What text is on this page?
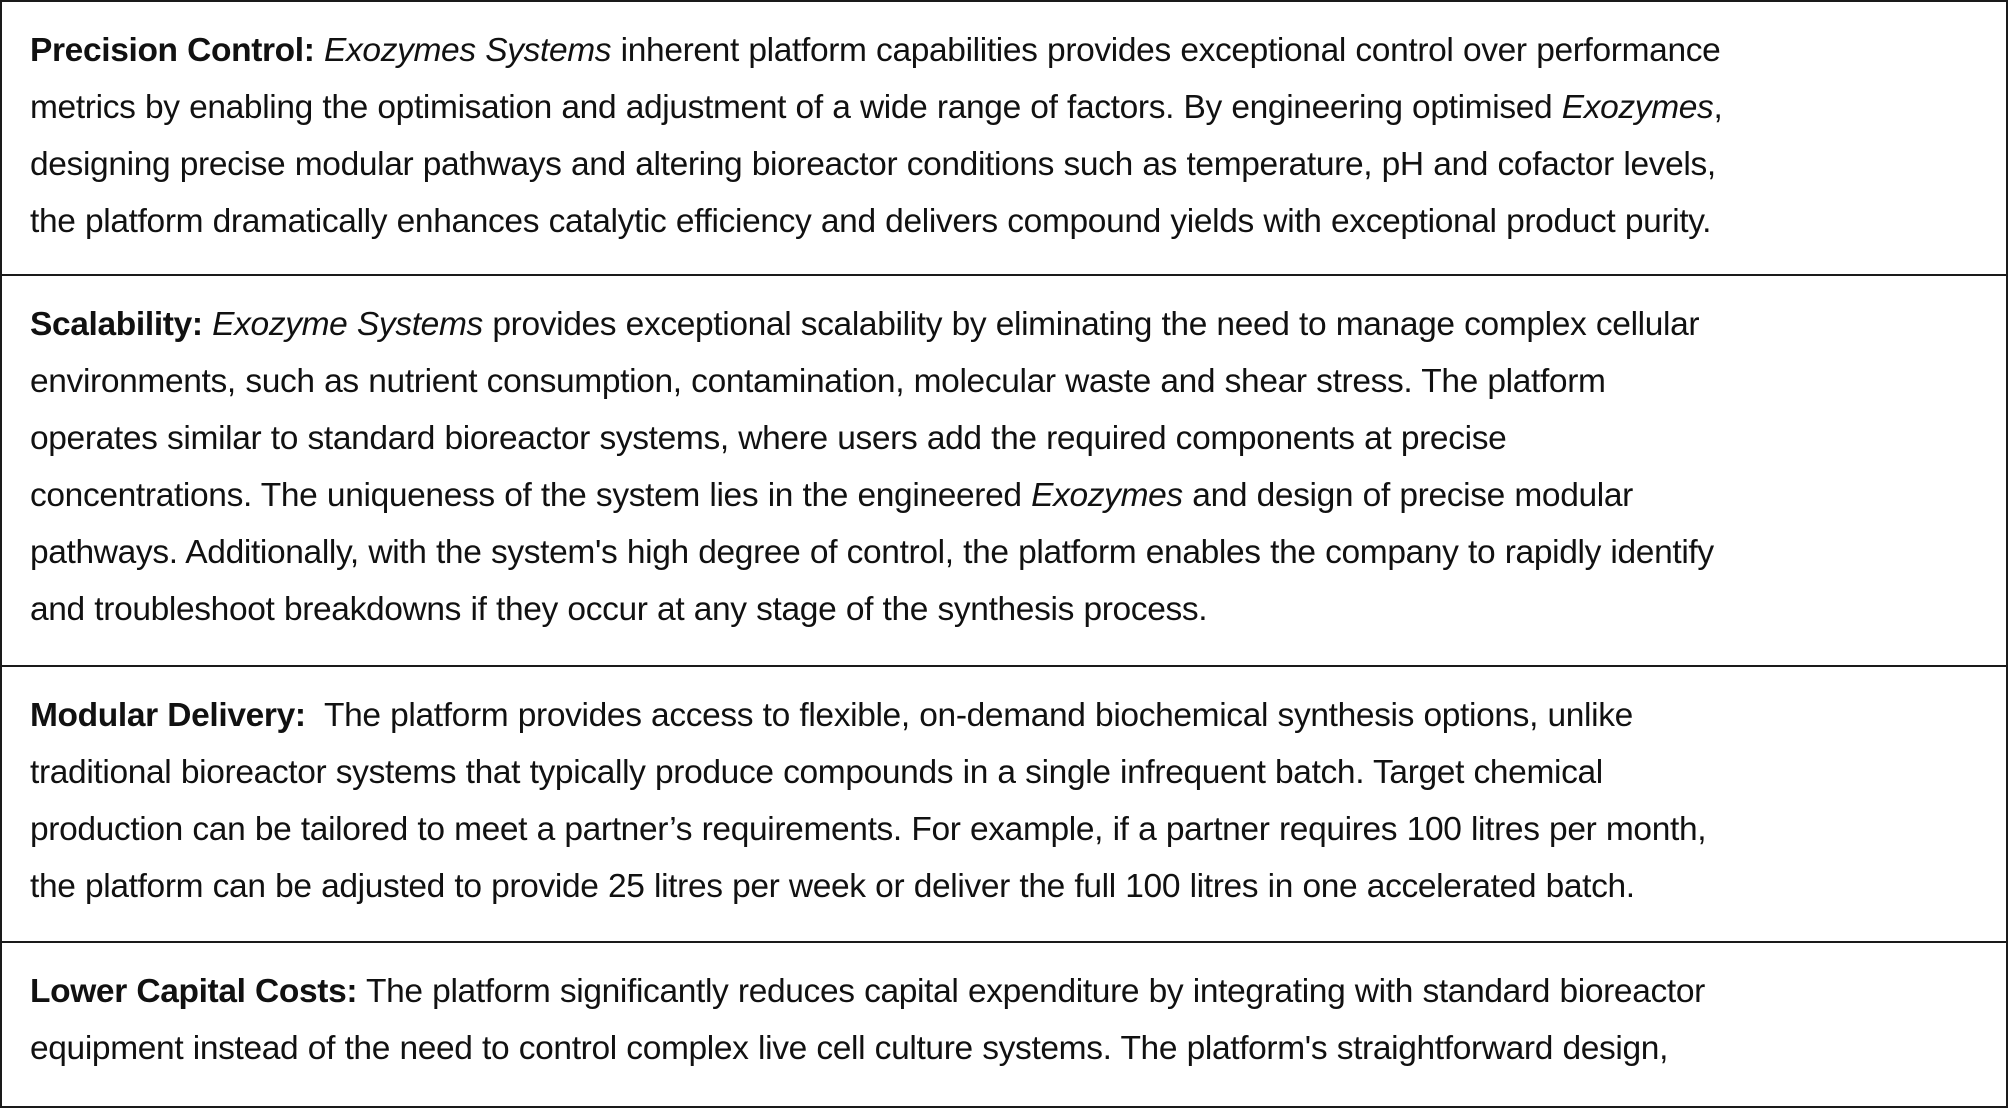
Precision Control: Exozymes Systems inherent platform capabilities provides exceptional control over performance
metrics by enabling the optimisation and adjustment of a wide range of factors. By engineering optimised Exozymes,
designing precise modular pathways and altering bioreactor conditions such as temperature, pH and cofactor levels,
the platform dramatically enhances catalytic efficiency and delivers compound yields with exceptional product purity.
Scalability: Exozyme Systems provides exceptional scalability by eliminating the need to manage complex cellular
environments, such as nutrient consumption, contamination, molecular waste and shear stress. The platform
operates similar to standard bioreactor systems, where users add the required components at precise
concentrations. The uniqueness of the system lies in the engineered Exozymes and design of precise modular
pathways. Additionally, with the system's high degree of control, the platform enables the company to rapidly identify
and troubleshoot breakdowns if they occur at any stage of the synthesis process.
Modular Delivery:  The platform provides access to flexible, on-demand biochemical synthesis options, unlike
traditional bioreactor systems that typically produce compounds in a single infrequent batch. Target chemical
production can be tailored to meet a partner’s requirements. For example, if a partner requires 100 litres per month,
the platform can be adjusted to provide 25 litres per week or deliver the full 100 litres in one accelerated batch.
Lower Capital Costs: The platform significantly reduces capital expenditure by integrating with standard bioreactor
equipment instead of the need to control complex live cell culture systems. The platform's straightforward design,
